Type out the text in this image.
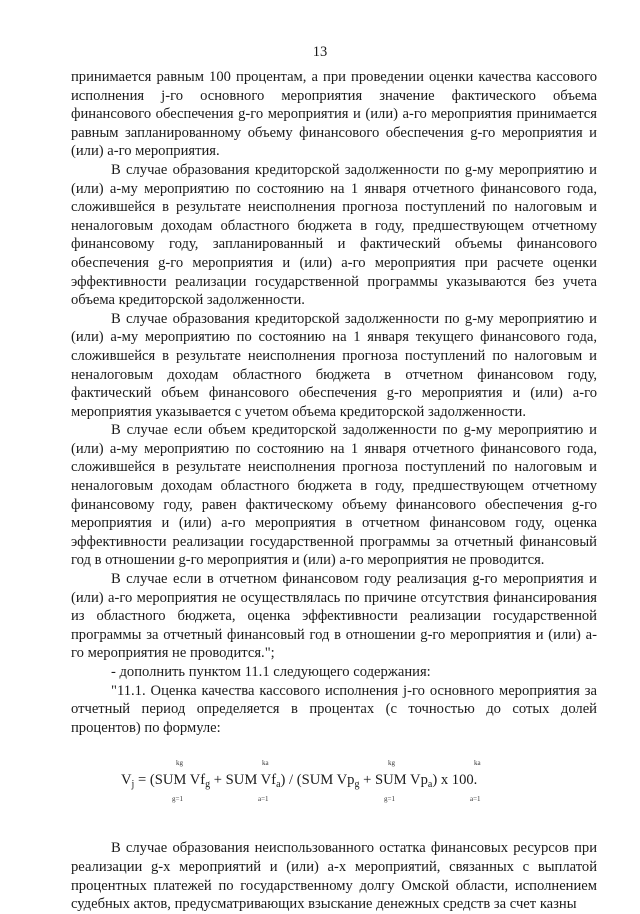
13

принимается равным 100 процентам, а при проведении оценки качества кассового исполнения j-го основного мероприятия значение фактического объема финансового обеспечения g-го мероприятия и (или) а-го мероприятия принимается равным запланированному объему финансового обеспечения g-го мероприятия и (или) а-го мероприятия.

В случае образования кредиторской задолженности по g-му мероприятию и (или) а-му мероприятию по состоянию на 1 января отчетного финансового года, сложившейся в результате неисполнения прогноза поступлений по налоговым и неналоговым доходам областного бюджета в году, предшествующем отчетному финансовому году, запланированный и фактический объемы финансового обеспечения g-го мероприятия и (или) а-го мероприятия при расчете оценки эффективности реализации государственной программы указываются без учета объема кредиторской задолженности.

В случае образования кредиторской задолженности по g-му мероприятию и (или) а-му мероприятию по состоянию на 1 января текущего финансового года, сложившейся в результате неисполнения прогноза поступлений по налоговым и неналоговым доходам областного бюджета в отчетном финансовом году, фактический объем финансового обеспечения g-го мероприятия и (или) а-го мероприятия указывается с учетом объема кредиторской задолженности.

В случае если объем кредиторской задолженности по g-му мероприятию и (или) а-му мероприятию по состоянию на 1 января отчетного финансового года, сложившейся в результате неисполнения прогноза поступлений по налоговым и неналоговым доходам областного бюджета в году, предшествующем отчетному финансовому году, равен фактическому объему финансового обеспечения g-го мероприятия и (или) а-го мероприятия в отчетном финансовом году, оценка эффективности реализации государственной программы за отчетный финансовый год в отношении g-го мероприятия и (или) а-го мероприятия не проводится.

В случае если в отчетном финансовом году реализация g-го мероприятия и (или) а-го мероприятия не осуществлялась по причине отсутствия финансирования из областного бюджета, оценка эффективности реализации государственной программы за отчетный финансовый год в отношении g-го мероприятия и (или) а-го мероприятия не проводится.";

- дополнить пунктом 11.1 следующего содержания:

"11.1. Оценка качества кассового исполнения j-го основного мероприятия за отчетный период определяется в процентах (с точностью до сотых долей процентов) по формуле:

kg
g=1
ka
a=1
kg
g=1
ka
a=1
$V_j = (SUM$ $Vf_g$ + SUM $Vf_a) / (SUM$ $Vp_g$ + SUM $Vp_a$) x 100.

В случае образования неиспользованного остатка финансовых ресурсов при реализации g-х мероприятий и (или) а-х мероприятий, связанных с выплатой процентных платежей по государственному долгу Омской области, исполнением судебных актов, предусматривающих взыскание денежных средств за счет казны
